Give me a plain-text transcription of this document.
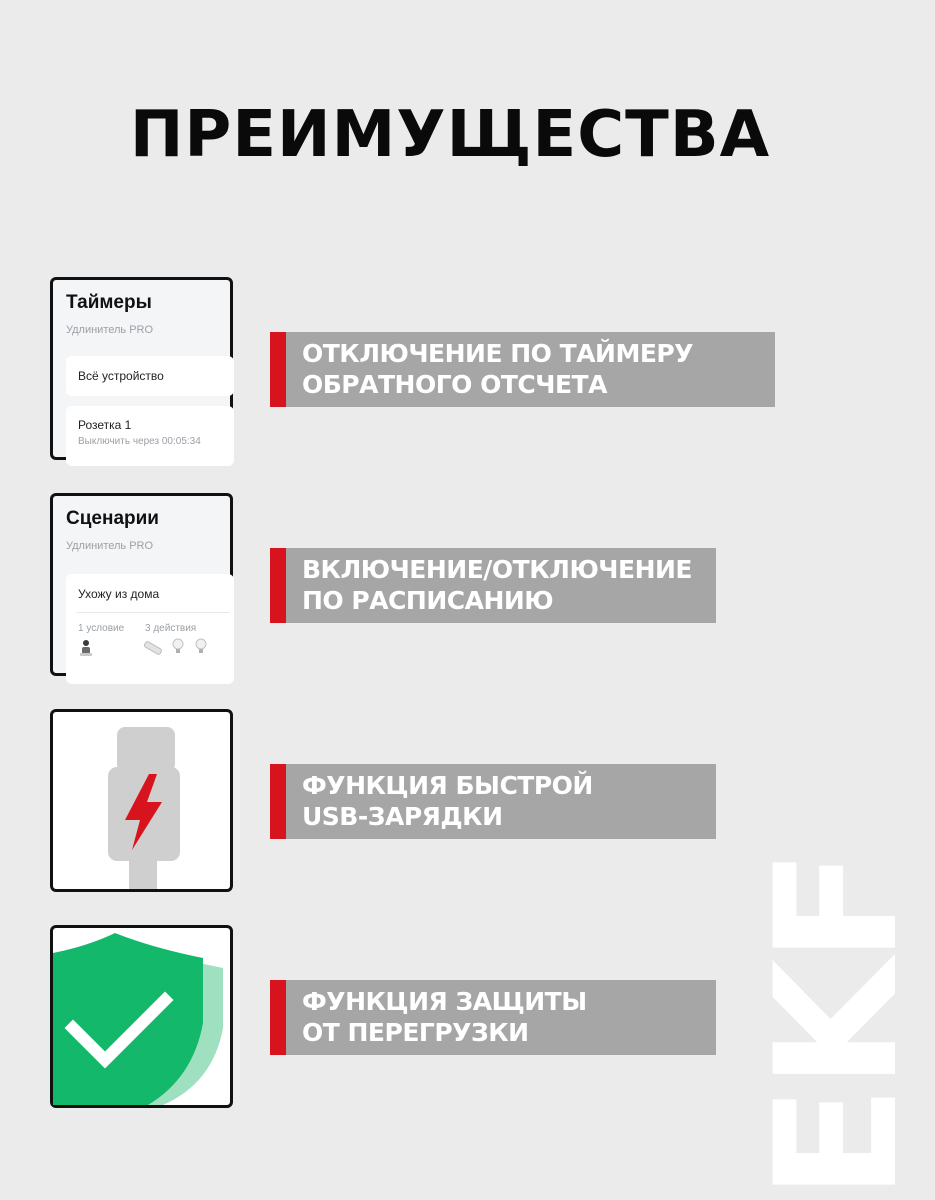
ПРЕИМУЩЕСТВА
EKF
Таймеры
Удлинитель PRO
Всё устройство
Розетка 1
Выключить через 00:05:34
Сценарии
Удлинитель PRO
Ухожу из дома
1 условие 3 действия
ОТКЛЮЧЕНИЕ ПО ТАЙМЕРУ
ОБРАТНОГО ОТСЧЕТА
ВКЛЮЧЕНИЕ/ОТКЛЮЧЕНИЕ
ПО РАСПИСАНИЮ
ФУНКЦИЯ БЫСТРОЙ
USB-ЗАРЯДКИ
ФУНКЦИЯ ЗАЩИТЫ
ОТ ПЕРЕГРУЗКИ
